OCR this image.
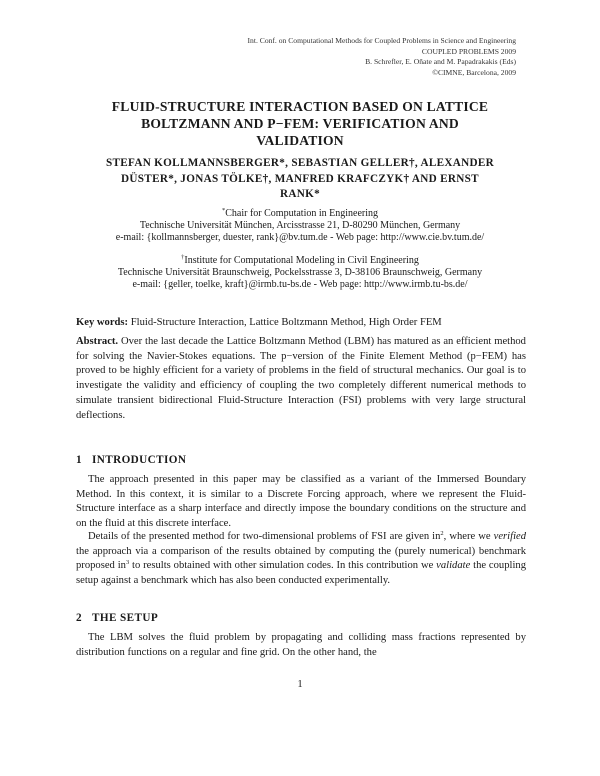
Int. Conf. on Computational Methods for Coupled Problems in Science and Engineering
COUPLED PROBLEMS 2009
B. Schrefler, E. Oñate and M. Papadrakakis (Eds)
©CIMNE, Barcelona, 2009
FLUID-STRUCTURE INTERACTION BASED ON LATTICE
BOLTZMANN AND P−FEM: VERIFICATION AND
VALIDATION
STEFAN KOLLMANNSBERGER*, SEBASTIAN GELLER†, ALEXANDER
DÜSTER*, JONAS TÖLKE†, MANFRED KRAFCZYK† AND ERNST
RANK*
*Chair for Computation in Engineering
Technische Universität München, Arcisstrasse 21, D-80290 München, Germany
e-mail: {kollmannsberger, duester, rank}@bv.tum.de - Web page: http://www.cie.bv.tum.de/
†Institute for Computational Modeling in Civil Engineering
Technische Universität Braunschweig, Pockelsstrasse 3, D-38106 Braunschweig, Germany
e-mail: {geller, toelke, kraft}@irmb.tu-bs.de - Web page: http://www.irmb.tu-bs.de/
Key words: Fluid-Structure Interaction, Lattice Boltzmann Method, High Order FEM
Abstract. Over the last decade the Lattice Boltzmann Method (LBM) has matured as an efficient method for solving the Navier-Stokes equations. The p−version of the Finite Element Method (p−FEM) has proved to be highly efficient for a variety of problems in the field of structural mechanics. Our goal is to investigate the validity and efficiency of coupling the two completely different numerical methods to simulate transient bidirectional Fluid-Structure Interaction (FSI) problems with very large structural deflections.
1 INTRODUCTION
The approach presented in this paper may be classified as a variant of the Immersed Boundary Method. In this context, it is similar to a Discrete Forcing approach, where we represent the Fluid-Structure interface as a sharp interface and directly impose the boundary conditions on the structure and on the fluid at this discrete interface.
Details of the presented method for two-dimensional problems of FSI are given $in^2$, where we verified the approach via a comparison of the results obtained by computing the (purely numerical) benchmark proposed $in^3$ to results obtained with other simulation codes. In this contribution we validate the coupling setup against a benchmark which has also been conducted experimentally.
2 THE SETUP
The LBM solves the fluid problem by propagating and colliding mass fractions represented by distribution functions on a regular and fine grid. On the other hand, the
1
